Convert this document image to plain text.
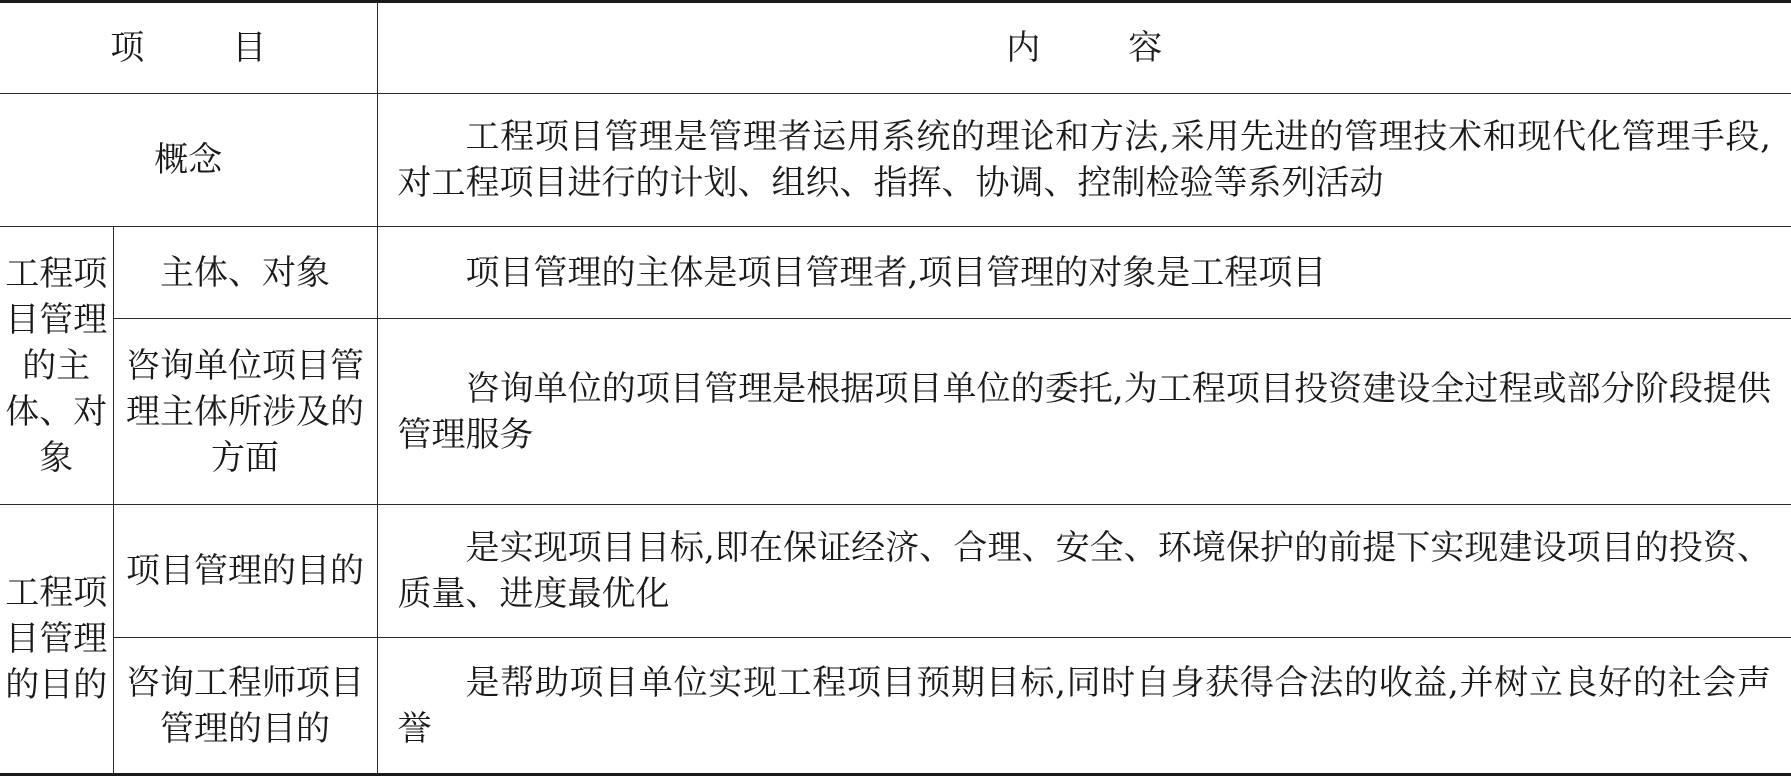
项 目		内 容
概念		工程项目管理是管理者运用系统的理论和方法,采用先进的管理技术和现代化管理手段,对工程项目进行的计划、组织、指挥、协调、控制检验等系列活动

工程项目管理的主体、对象	主体、对象	项目管理的主体是项目管理者,项目管理的对象是工程项目

	咨询单位项目管理主体所涉及的方面	咨询单位的项目管理是根据项目单位的委托,为工程项目投资建设全过程或部分阶段提供管理服务

工程项目管理的目的	项目管理的目的	是实现项目目标,即在保证经济、合理、安全、环境保护的前提下实现建设项目的投资、质量、进度最优化

	咨询工程师项目管理的目的	是帮助项目单位实现工程项目预期目标,同时自身获得合法的收益,并树立良好的社会声誉
